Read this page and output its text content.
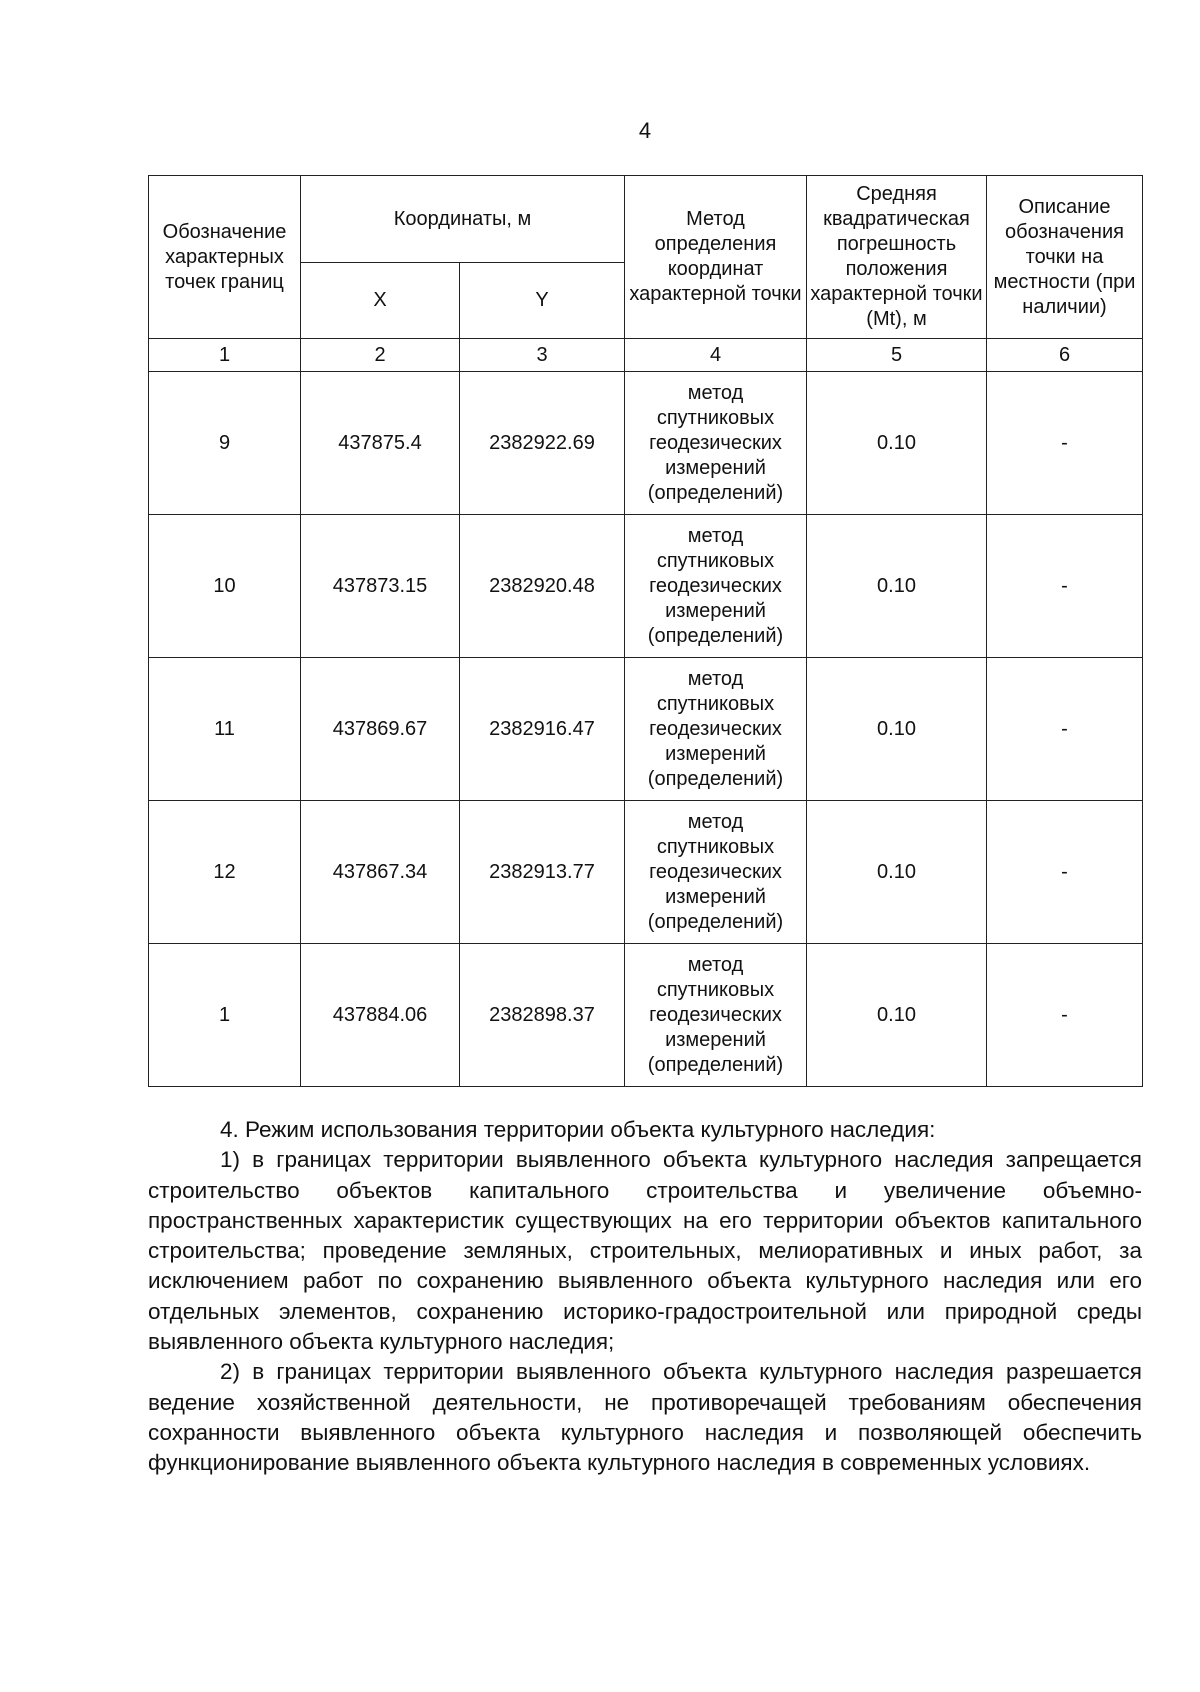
4
Обозначение характерных точек границ	Координаты, м		Метод определения координат характерной точки	Средняя квадратическая погрешность положения характерной точки (Mt), м	Описание обозначения точки на местности (при наличии)
	X	Y			
1	2	3	4	5	6
9	437875.4	2382922.69	метод спутниковых геодезических измерений (определений)	0.10	-
10	437873.15	2382920.48	метод спутниковых геодезических измерений (определений)	0.10	-
11	437869.67	2382916.47	метод спутниковых геодезических измерений (определений)	0.10	-
12	437867.34	2382913.77	метод спутниковых геодезических измерений (определений)	0.10	-
1	437884.06	2382898.37	метод спутниковых геодезических измерений (определений)	0.10	-

4. Режим использования территории объекта культурного наследия:

1) в границах территории выявленного объекта культурного наследия запрещается строительство объектов капитального строительства и увеличение объемно-пространственных характеристик существующих на его территории объектов капитального строительства; проведение земляных, строительных, мелиоративных и иных работ, за исключением работ по сохранению выявленного объекта культурного наследия или его отдельных элементов, сохранению историко-градостроительной или природной среды выявленного объекта культурного наследия;

2) в границах территории выявленного объекта культурного наследия разрешается ведение хозяйственной деятельности, не противоречащей требованиям обеспечения сохранности выявленного объекта культурного наследия и позволяющей обеспечить функционирование выявленного объекта культурного наследия в современных условиях.
